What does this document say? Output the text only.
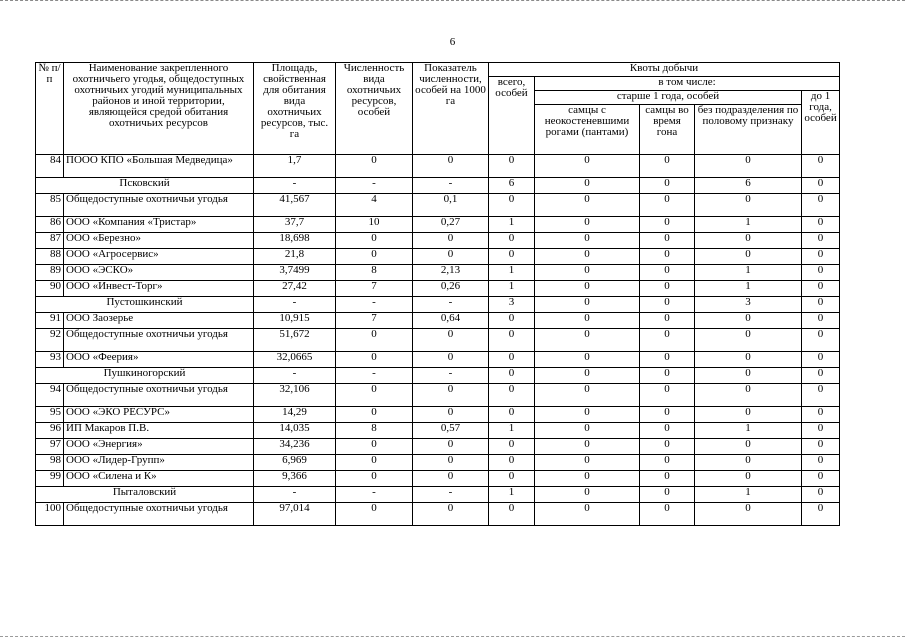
6
№ п/п	Наименование закрепленного охотничьего угодья, общедоступных охотничьих угодий муниципальных районов и иной территории, являющейся средой обитания охотничьих ресурсов	Площадь, свойственная для обитания вида охотничьих ресурсов, тыс. га	Численность вида охотничьих ресурсов, особей	Показатель численности, особей на 1000 га	Квоты добычи				
					всего, особей	в том числе:			
						старше 1 года, особей			до 1 года, особей
						самцы с неокостеневшими рогами (пантами)	самцы во время гона	без подразделения по половому признаку	
84	ПООО КПО «Большая Медведица»	1,7	0	0	0	0	0	0	0
Псковский		-	-	-	6	0	0	6	0
85	Общедоступные охотничьи угодья	41,567	4	0,1	0	0	0	0	0
86	ООО «Компания «Тристар»	37,7	10	0,27	1	0	0	1	0
87	ООО «Березно»	18,698	0	0	0	0	0	0	0
88	ООО «Агросервис»	21,8	0	0	0	0	0	0	0
89	ООО «ЭСКО»	3,7499	8	2,13	1	0	0	1	0
90	ООО «Инвест-Торг»	27,42	7	0,26	1	0	0	1	0
Пустошкинский		-	-	-	3	0	0	3	0
91	ООО Заозерье	10,915	7	0,64	0	0	0	0	0
92	Общедоступные охотничьи угодья	51,672	0	0	0	0	0	0	0
93	ООО «Феерия»	32,0665	0	0	0	0	0	0	0
Пушкиногорский		-	-	-	0	0	0	0	0
94	Общедоступные охотничьи угодья	32,106	0	0	0	0	0	0	0
95	ООО «ЭКО РЕСУРС»	14,29	0	0	0	0	0	0	0
96	ИП Макаров П.В.	14,035	8	0,57	1	0	0	1	0
97	ООО «Энергия»	34,236	0	0	0	0	0	0	0
98	ООО «Лидер-Групп»	6,969	0	0	0	0	0	0	0
99	ООО «Силена и К»	9,366	0	0	0	0	0	0	0
Пыталовский		-	-	-	1	0	0	1	0
100	Общедоступные охотничьи угодья	97,014	0	0	0	0	0	0	0
